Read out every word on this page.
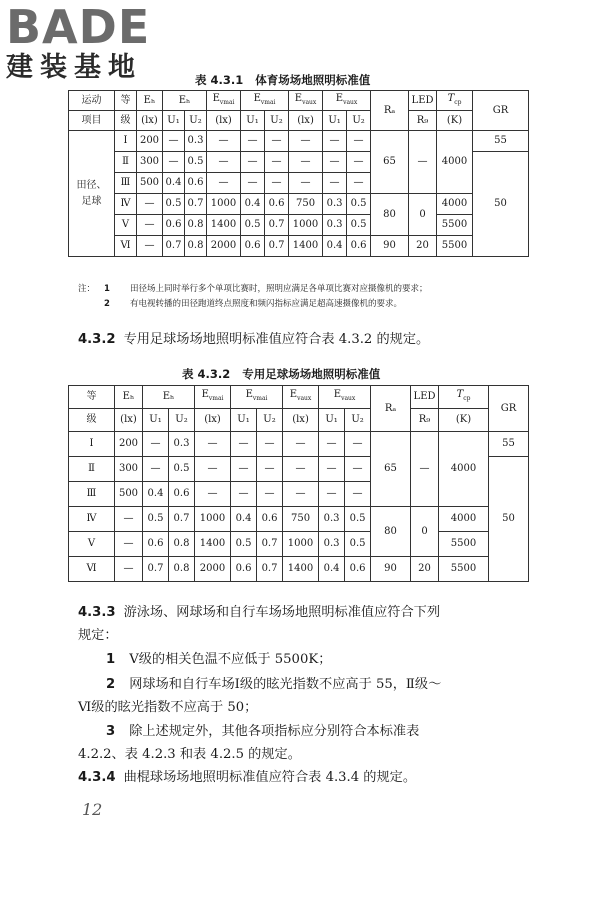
BADE
建装基地	表 4.3.1 体育场场地照明标准值
运动	等	Eₕ	Eₕ		$E_{vmai}$	$E_{vmai}$		$E_{vaux}$	$E_{vaux}$		Rₐ	LED	$T_{cp}$	GR
项目	级	(lx)	U₁	U₂	(lx)	U₁	U₂	(lx)	U₁	U₂		R₉	(K)	
田径、足球	Ⅰ	200	—	0.3	—	—	—	—	—	—	65	—	4000	55
	Ⅱ	300	—	0.5	—	—	—	—	—	—				50
	Ⅲ	500	0.4	0.6	—	—	—	—	—	—				
	Ⅳ	—	0.5	0.7	1000	0.4	0.6	750	0.3	0.5	80	0	4000	
	Ⅴ	—	0.6	0.8	1400	0.5	0.7	1000	0.3	0.5			5500	
	Ⅵ	—	0.7	0.8	2000	0.6	0.7	1400	0.4	0.6	90	20	5500	
注：	1	田径场上同时举行多个单项比赛时，照明应满足各单项比赛对应摄像机的要求；
2	有电视转播的田径跑道终点照度和频闪指标应满足超高速摄像机的要求。
4.3.2 专用足球场场地照明标准值应符合表 4.3.2 的规定。
表 4.3.2 专用足球场场地照明标准值
等	Eₕ	Eₕ		$E_{vmai}$	$E_{vmai}$		$E_{vaux}$	$E_{vaux}$		Rₐ	LED	$T_{cp}$	GR
级	(lx)	U₁	U₂	(lx)	U₁	U₂	(lx)	U₁	U₂		R₉	(K)	
Ⅰ	200	—	0.3	—	—	—	—	—	—	65	—	4000	55
Ⅱ	300	—	0.5	—	—	—	—	—	—				50
Ⅲ	500	0.4	0.6	—	—	—	—	—	—				
Ⅳ	—	0.5	0.7	1000	0.4	0.6	750	0.3	0.5	80	0	4000	
Ⅴ	—	0.6	0.8	1400	0.5	0.7	1000	0.3	0.5			5500	
Ⅵ	—	0.7	0.8	2000	0.6	0.7	1400	0.4	0.6	90	20	5500	
4.3.3 游泳场、网球场和自行车场场地照明标准值应符合下列
规定：
1 Ⅴ级的相关色温不应低于 5500K；
2 网球场和自行车场Ⅰ级的眩光指数不应高于 55，Ⅱ级～
Ⅵ级的眩光指数不应高于 50；
3 除上述规定外，其他各项指标应分别符合本标准表
4.2.2、表 4.2.3 和表 4.2.5 的规定。
4.3.4 曲棍球场场地照明标准值应符合表 4.3.4 的规定。
12
